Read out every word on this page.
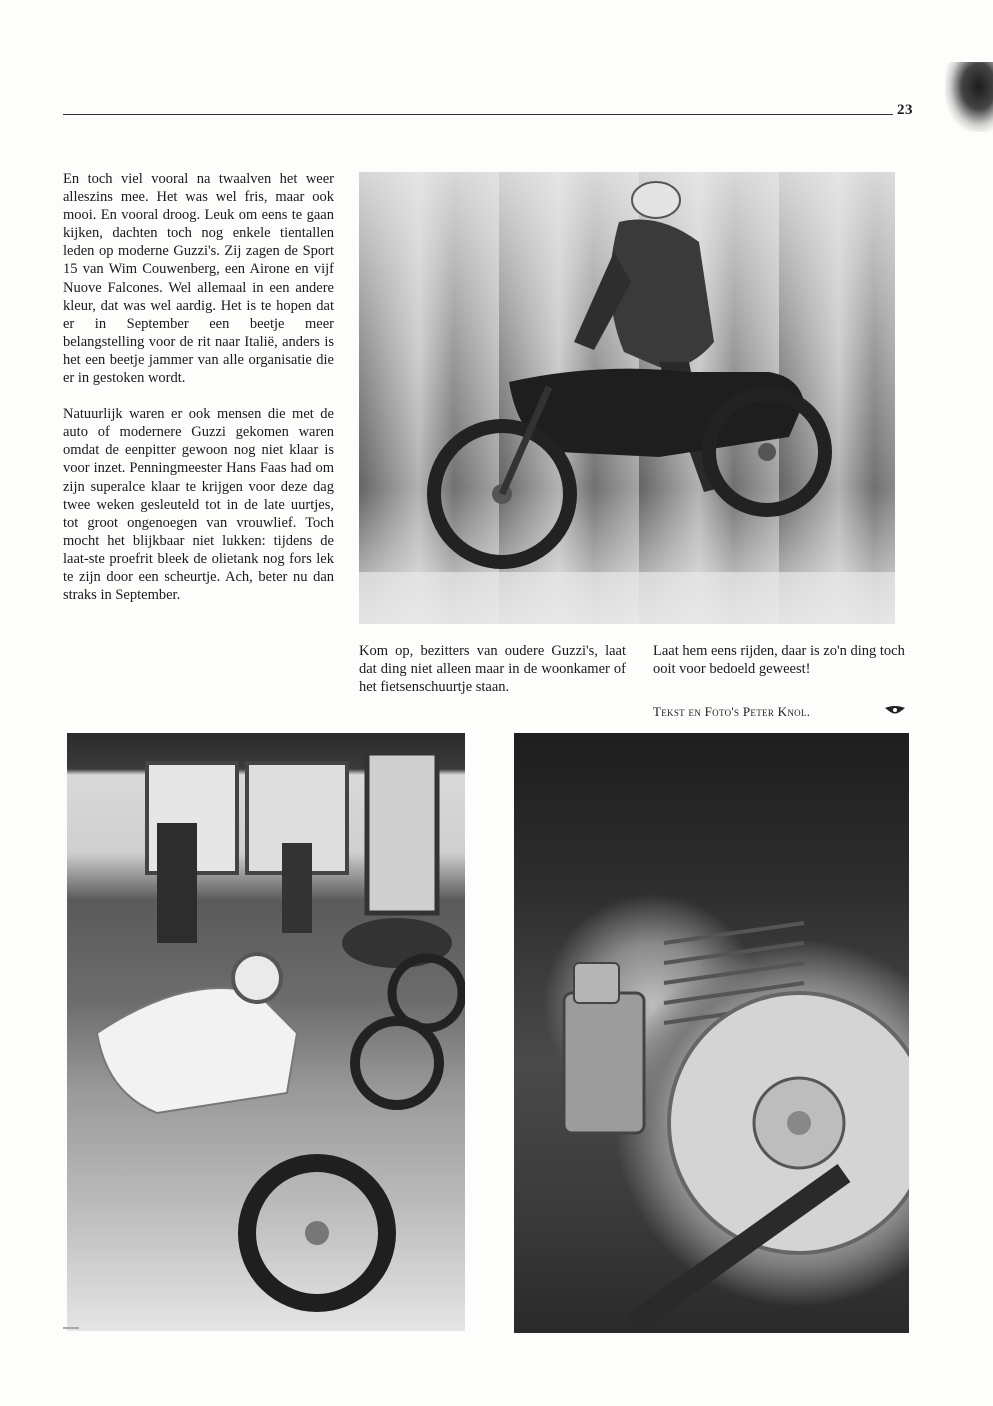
23

En toch viel vooral na twaalven het weer alleszins mee. Het was wel fris, maar ook mooi. En vooral droog. Leuk om eens te gaan kijken, dachten toch nog enkele tientallen leden op moderne Guzzi's. Zij zagen de Sport 15 van Wim Couwenberg, een Airone en vijf Nuove Falcones. Wel allemaal in een andere kleur, dat was wel aardig. Het is te hopen dat er in September een beetje meer belangstelling voor de rit naar Italië, anders is het een beetje jammer van alle organisatie die er in gestoken wordt.

Natuurlijk waren er ook mensen die met de auto of modernere Guzzi gekomen waren omdat de eenpitter gewoon nog niet klaar is voor inzet. Penningmeester Hans Faas had om zijn superalce klaar te krijgen voor deze dag twee weken gesleuteld tot in de late uurtjes, tot groot ongenoegen van vrouwlief. Toch mocht het blijkbaar niet lukken: tijdens de laat-ste proefrit bleek de olietank nog fors lek te zijn door een scheurtje. Ach, beter nu dan straks in September.

Kom op, bezitters van oudere Guzzi's, laat dat ding niet alleen maar in de woonkamer of het fietsenschuurtje staan.
Laat hem eens rijden, daar is zo'n ding toch ooit voor bedoeld geweest!
Tekst en Foto's Peter Knol.
